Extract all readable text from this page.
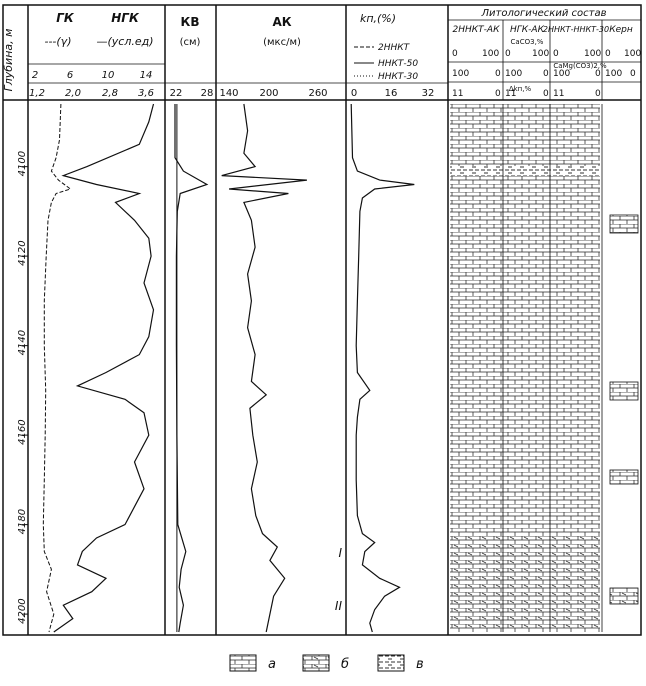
Глубина, м
ГК
---(γ)
НГК
—(усл.ед)
2	6	10	14
1,2 2,0 2,8 3,6
КВ
(см)
22 28
АК
(мкс/м)
140 200	260
kп,(%)
2ННКТ
ННКТ-50
ННКТ-30
0	16 32
Литологический состав
2ННКТ-АК НГК-АК
2ННКТ-ННКТ-30 Керн
CaCO3,%
CaMg(CO3)2,%
Δkп,%
0	100 0 100 0	100 0 100
100	0 100 0 100	0 100 0
11	0 11	0 11	0
I
II
4100
4120
4140
4160
4180
4200
а	б	в
